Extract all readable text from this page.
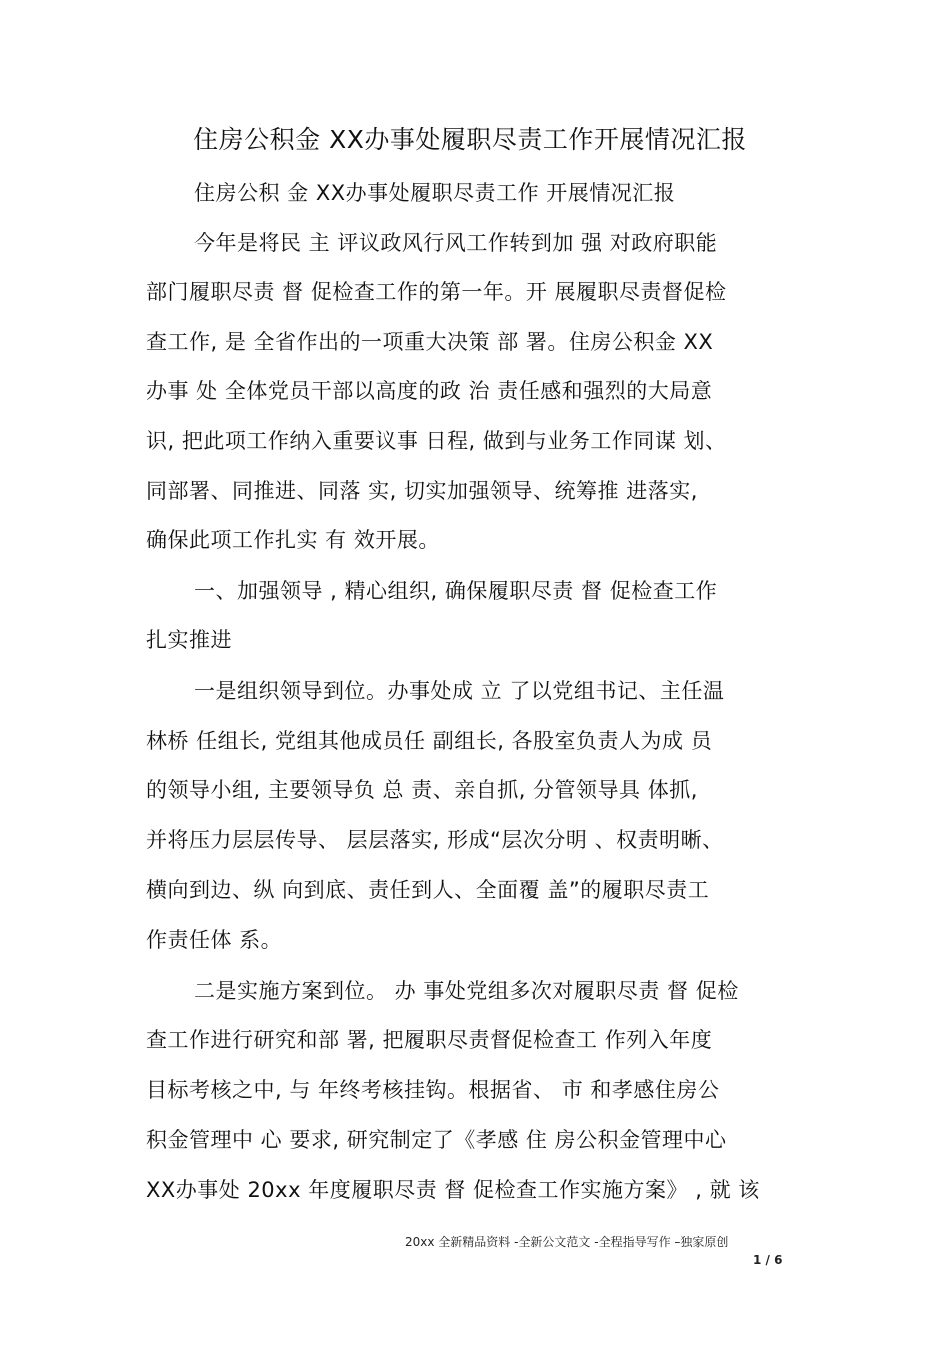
住房公积金 XX办事处履职尽责工作开展情况汇报
住房公积 金 XX办事处履职尽责工作 开展情况汇报
今年是将民 主 评议政风行风工作转到加 强 对政府职能
部门履职尽责 督 促检查工作的第一年。开 展履职尽责督促检
查工作, 是 全省作出的一项重大决策 部 署。住房公积金 XX
办事 处 全体党员干部以高度的政 治 责任感和强烈的大局意
识, 把此项工作纳入重要议事 日程, 做到与业务工作同谋 划、
同部署、同推进、同落 实, 切实加强领导、统筹推 进落实,
确保此项工作扎实 有 效开展。
一、加强领导 , 精心组织, 确保履职尽责 督 促检查工作
扎实推进
一是组织领导到位。办事处成 立 了以党组书记、主任温
林桥 任组长, 党组其他成员任 副组长, 各股室负责人为成 员
的领导小组, 主要领导负 总 责、亲自抓, 分管领导具 体抓,
并将压力层层传导、 层层落实, 形成“层次分明 、权责明晰、
横向到边、纵 向到底、责任到人、全面覆 盖”的履职尽责工
作责任体 系。
二是实施方案到位。 办 事处党组多次对履职尽责 督 促检
查工作进行研究和部 署, 把履职尽责督促检查工 作列入年度
目标考核之中, 与 年终考核挂钩。根据省、 市 和孝感住房公
积金管理中 心 要求, 研究制定了《孝感 住 房公积金管理中心
XX办事处 20xx 年度履职尽责 督 促检查工作实施方案》 , 就 该
20xx 全新精品资料 -全新公文范文 -全程指导写作 –独家原创
1 / 6
